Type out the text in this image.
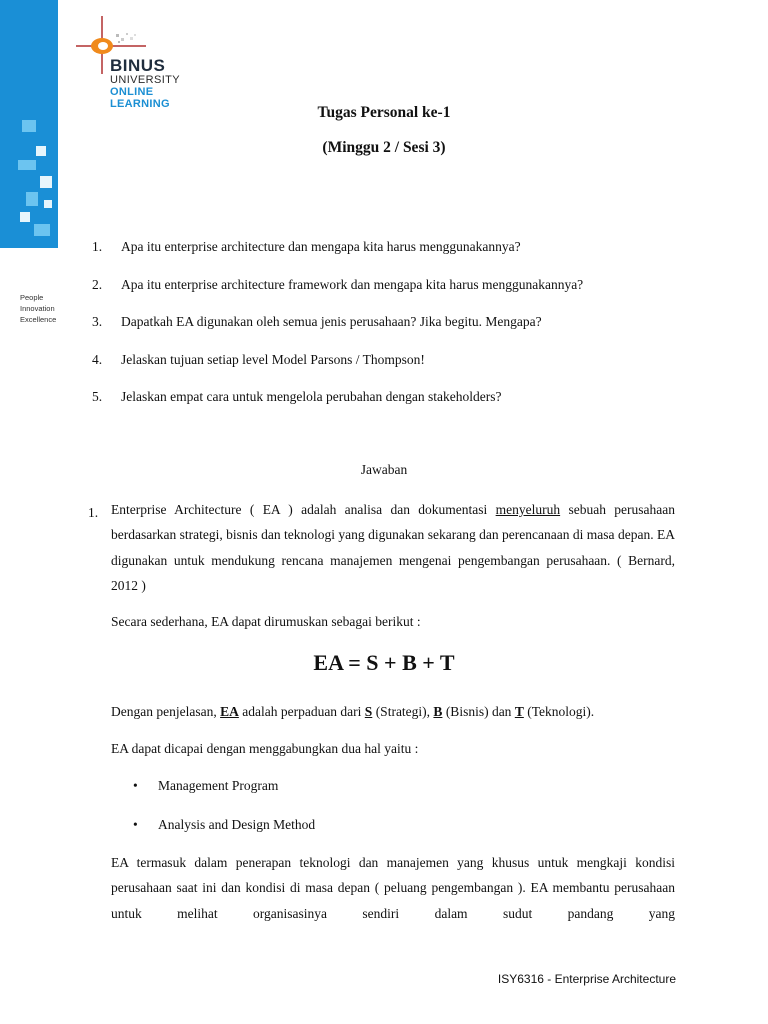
People
Innovation
Excellence
BINUS
UNIVERSITY
ONLINE
LEARNING	Tugas Personal ke-1
(Minggu 2 / Sesi 3)
1.	Apa itu enterprise architecture dan mengapa kita harus menggunakannya?
2.	Apa itu enterprise architecture framework dan mengapa kita harus menggunakannya?
3.	Dapatkah EA digunakan oleh semua jenis perusahaan? Jika begitu. Mengapa?
4.	Jelaskan tujuan setiap level Model Parsons / Thompson!
5.	Jelaskan empat cara untuk mengelola perubahan dengan stakeholders?
Jawaban
1. Enterprise Architecture ( EA ) adalah analisa dan dokumentasi menyeluruh sebuah perusahaan berdasarkan strategi, bisnis dan teknologi yang digunakan sekarang dan perencanaan di masa depan. EA digunakan untuk mendukung rencana manajemen mengenai pengembangan perusahaan. ( Bernard, 2012 )
Secara sederhana, EA dapat dirumuskan sebagai berikut :
EA = S + B + T
Dengan penjelasan, EA adalah perpaduan dari S (Strategi), B (Bisnis) dan T (Teknologi).
EA dapat dicapai dengan menggabungkan dua hal yaitu :
• Management Program
• Analysis and Design Method
EA termasuk dalam penerapan teknologi dan manajemen yang khusus untuk mengkaji kondisi perusahaan saat ini dan kondisi di masa depan ( peluang pengembangan ). EA membantu perusahaan untuk melihat organisasinya sendiri dalam sudut pandang yang
ISY6316 - Enterprise Architecture
